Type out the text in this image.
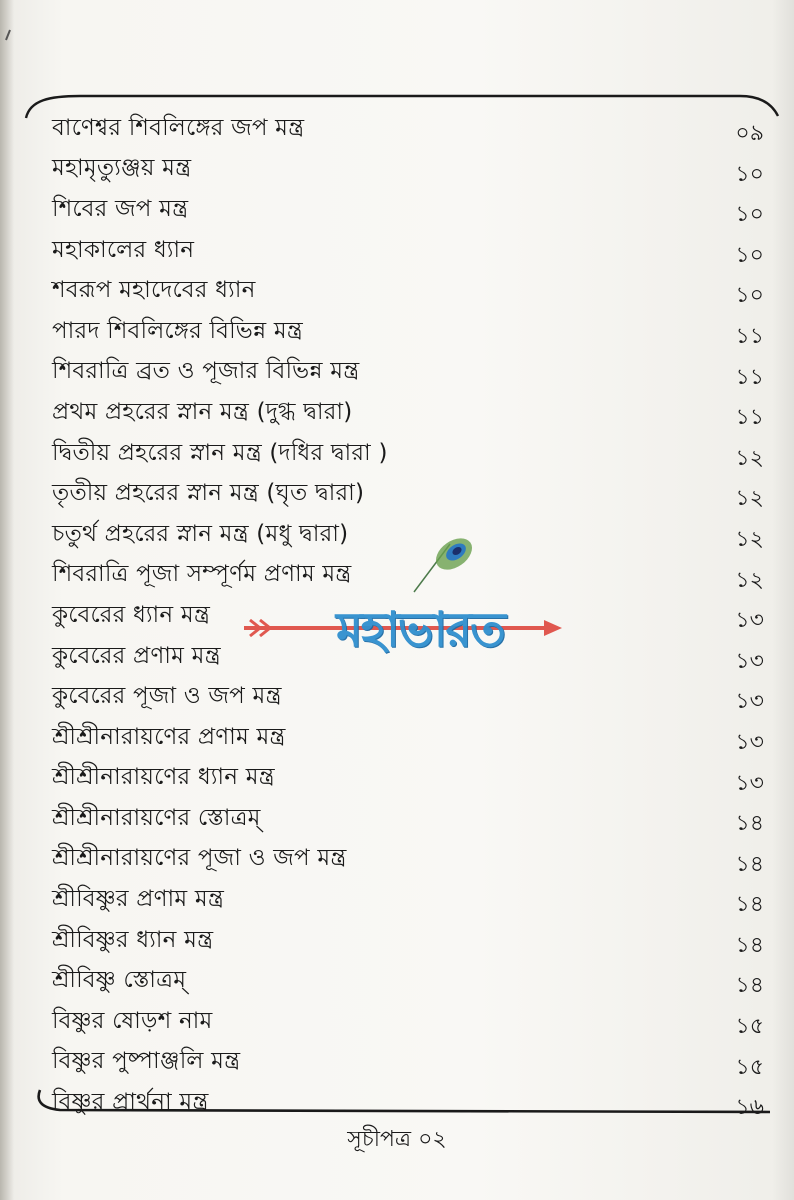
বাণেশ্বর শিবলিঙ্গের জপ মন্ত্র	০৯
মহামৃত্যুঞ্জয় মন্ত্র	১০
শিবের জপ মন্ত্র	১০
মহাকালের ধ্যান	১০
শবরূপ মহাদেবের ধ্যান	১০
পারদ শিবলিঙ্গের বিভিন্ন মন্ত্র	১১
শিবরাত্রি ব্রত ও পূজার বিভিন্ন মন্ত্র	১১
প্রথম প্রহরের স্নান মন্ত্র (দুগ্ধ দ্বারা)	১১
দ্বিতীয় প্রহরের স্নান মন্ত্র (দধির দ্বারা )	১২
তৃতীয় প্রহরের স্নান মন্ত্র (ঘৃত দ্বারা)	১২
চতুর্থ প্রহরের স্নান মন্ত্র (মধু দ্বারা)	১২
শিবরাত্রি পূজা সম্পূর্ণম প্রণাম মন্ত্র	১২
কুবেরের ধ্যান মন্ত্র	১৩
কুবেরের প্রণাম মন্ত্র	১৩
কুবেরের পূজা ও জপ মন্ত্র	১৩
শ্রীশ্রীনারায়ণের প্রণাম মন্ত্র	১৩
শ্রীশ্রীনারায়ণের ধ্যান মন্ত্র	১৩
শ্রীশ্রীনারায়ণের স্তোত্রম্	১৪
শ্রীশ্রীনারায়ণের পূজা ও জপ মন্ত্র	১৪
শ্রীবিষ্ণুর প্রণাম মন্ত্র	১৪
শ্রীবিষ্ণুর ধ্যান মন্ত্র	১৪
শ্রীবিষ্ণু স্তোত্রম্	১৪
বিষ্ণুর ষোড়শ নাম	১৫
বিষ্ণুর পুষ্পাঞ্জলি মন্ত্র	১৫
বিষ্ণুর প্রার্থনা মন্ত্র	১৬
মহাভারত
সূচীপত্র ০২
